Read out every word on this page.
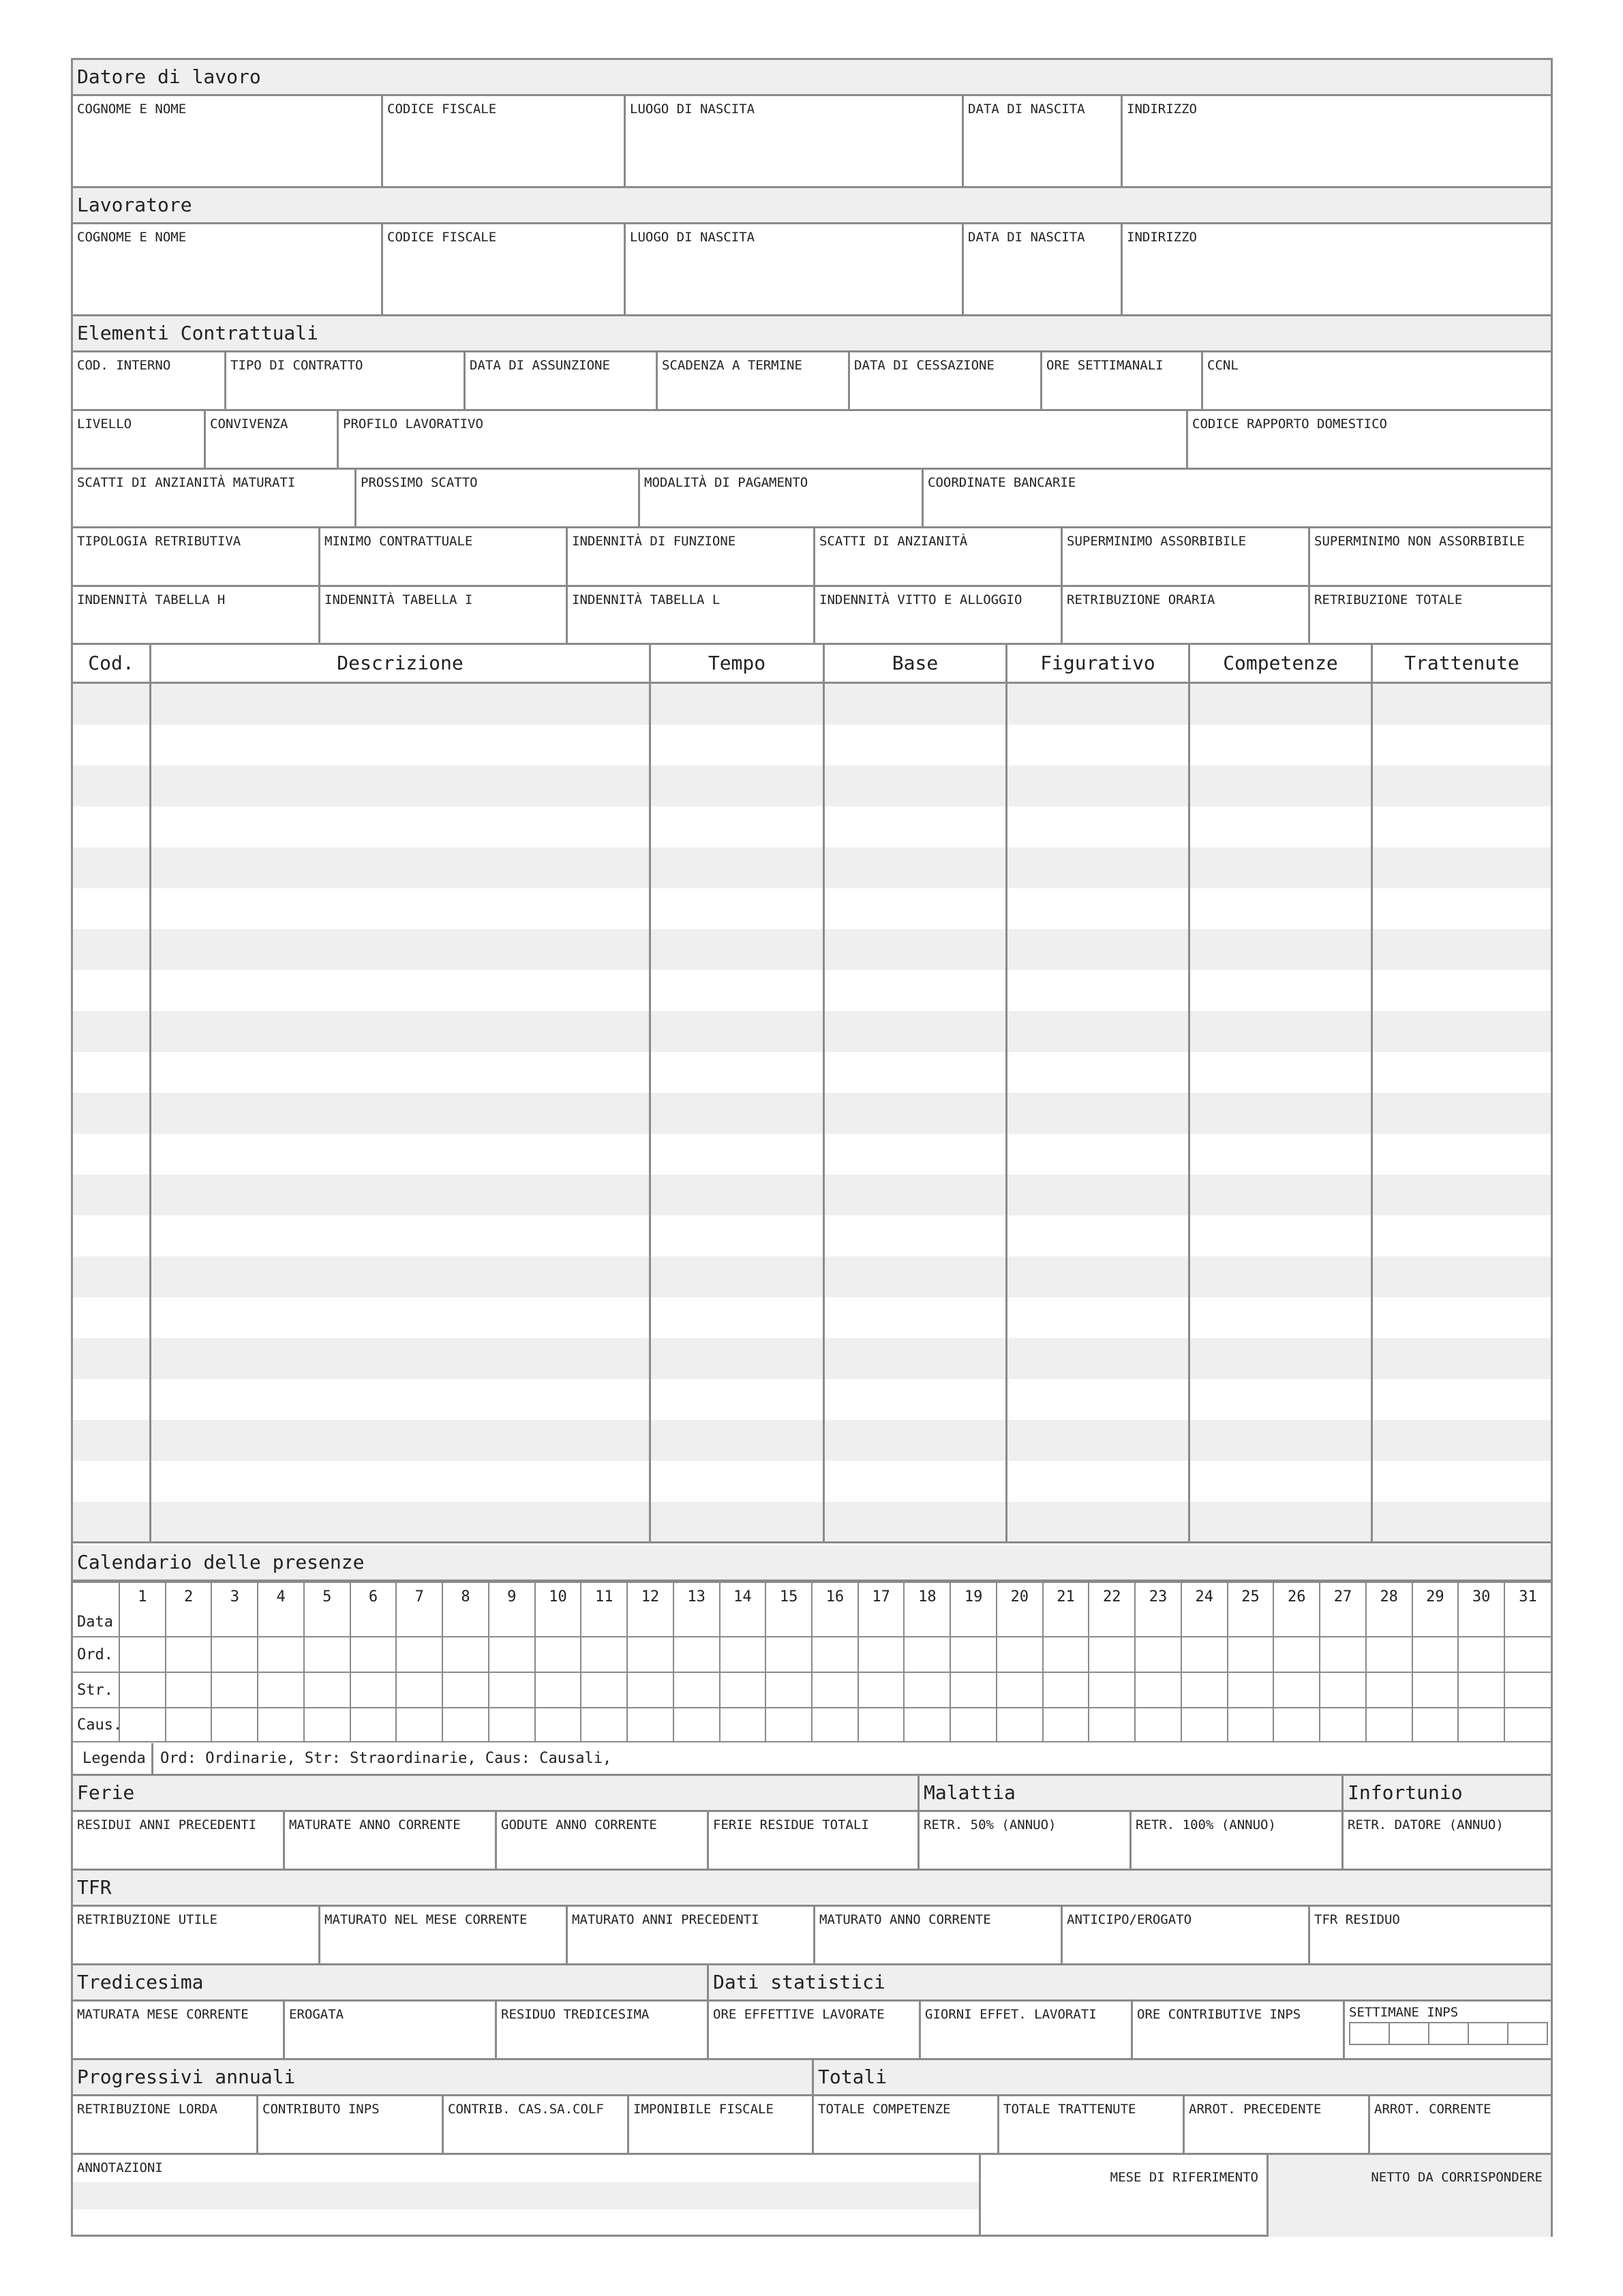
Datore di lavoro
COGNOME E NOME	CODICE FISCALE	LUOGO DI NASCITA	DATA DI NASCITA	INDIRIZZO
Lavoratore
COGNOME E NOME	CODICE FISCALE	LUOGO DI NASCITA	DATA DI NASCITA	INDIRIZZO
Elementi Contrattuali
COD. INTERNO	TIPO DI CONTRATTO	DATA DI ASSUNZIONE	SCADENZA A TERMINE	DATA DI CESSAZIONE	ORE SETTIMANALI	CCNL
LIVELLO	CONVIVENZA	PROFILO LAVORATIVO	CODICE RAPPORTO DOMESTICO
SCATTI DI ANZIANITÀ MATURATI	PROSSIMO SCATTO	MODALITÀ DI PAGAMENTO	COORDINATE BANCARIE
TIPOLOGIA RETRIBUTIVA	MINIMO CONTRATTUALE	INDENNITÀ DI FUNZIONE	SCATTI DI ANZIANITÀ	SUPERMINIMO ASSORBIBILE	SUPERMINIMO NON ASSORBIBILE
INDENNITÀ TABELLA H	INDENNITÀ TABELLA I	INDENNITÀ TABELLA L	INDENNITÀ VITTO E ALLOGGIO	RETRIBUZIONE ORARIA	RETRIBUZIONE TOTALE
Cod.	Descrizione	Tempo	Base	Figurativo	Competenze	Trattenute
Calendario delle presenze
Data	1	2	3	4	5	6	7	8	9	10	11	12	13	14	15	16	17	18	19	20	21	22	23	24	25	26	27	28	29	30	31
Ord.																															
Str.																															
Caus.																															
Legenda Ord: Ordinarie, Str: Straordinarie, Caus: Causali,
Ferie	Malattia	Infortunio
RESIDUI ANNI PRECEDENTI	MATURATE ANNO CORRENTE	GODUTE ANNO CORRENTE	FERIE RESIDUE TOTALI	RETR. 50% (ANNUO)	RETR. 100% (ANNUO)	RETR. DATORE (ANNUO)
TFR
RETRIBUZIONE UTILE	MATURATO NEL MESE CORRENTE	MATURATO ANNI PRECEDENTI	MATURATO ANNO CORRENTE	ANTICIPO/EROGATO	TFR RESIDUO
Tredicesima	Dati statistici
MATURATA MESE CORRENTE	EROGATA	RESIDUO TREDICESIMA	ORE EFFETTIVE LAVORATE	GIORNI EFFET. LAVORATI	ORE CONTRIBUTIVE INPS	SETTIMANE INPS
Progressivi annuali	Totali
RETRIBUZIONE LORDA	CONTRIBUTO INPS	CONTRIB. CAS.SA.COLF	IMPONIBILE FISCALE	TOTALE COMPETENZE	TOTALE TRATTENUTE	ARROT. PRECEDENTE	ARROT. CORRENTE
ANNOTAZIONI
MESE DI RIFERIMENTO	NETTO DA CORRISPONDERE
